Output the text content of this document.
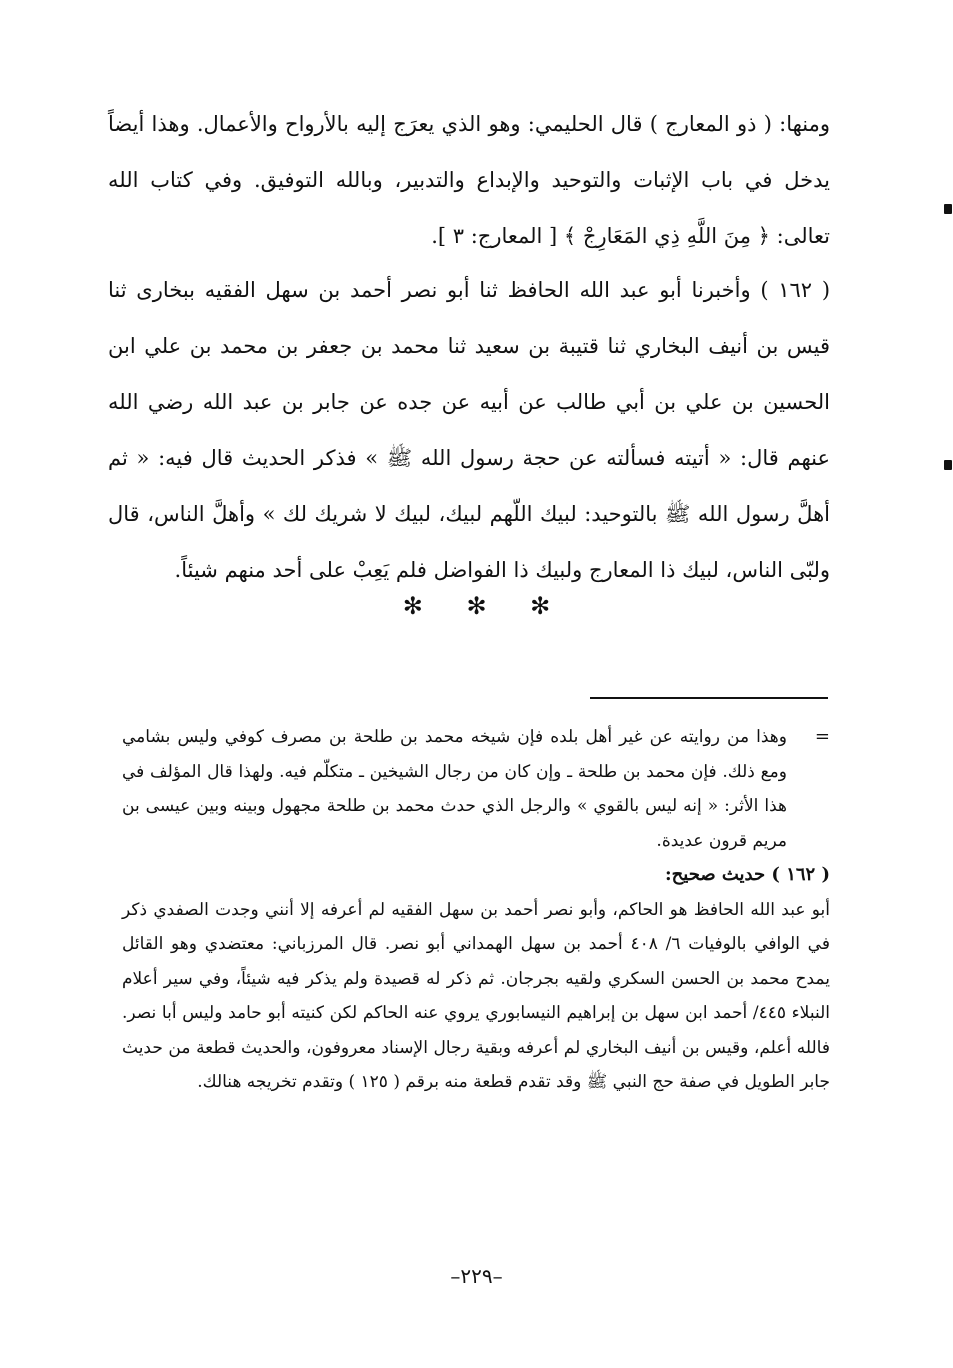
ومنها: ( ذو المعارج ) قال الحليمي: وهو الذي يعرَج إليه بالأرواح والأعمال. وهذا أيضاً يدخل في باب الإثبات والتوحيد والإبداع والتدبير، وبالله التوفيق. وفي كتاب الله تعالى: ﴿ مِنَ اللَّهِ ذِي المَعَارِجْ ﴾ [ المعارج: ٣ ].

( ١٦٢ ) وأخبرنا أبو عبد الله الحافظ ثنا أبو نصر أحمد بن سهل الفقيه ببخارى ثنا قيس بن أنيف البخاري ثنا قتيبة بن سعيد ثنا محمد بن جعفر بن محمد بن علي ابن الحسين بن علي بن أبي طالب عن أبيه عن جده عن جابر بن عبد الله رضي الله عنهم قال: « أتيته فسألته عن حجة رسول الله ﷺ » فذكر الحديث قال فيه: « ثم أهلَّ رسول الله ﷺ بالتوحيد: لبيك اللّهم لبيك، لبيك لا شريك لك » وأهلَّ الناس، قال ولبّى الناس، لبيك ذا المعارج ولبيك ذا الفواضل فلم يَعِبْ على أحد منهم شيئاً.

✻ ✻ ✻

=
وهذا من روايته عن غير أهل بلده فإن شيخه محمد بن طلحة بن مصرف كوفي وليس بشامي ومع ذلك. فإن محمد بن طلحة ـ وإن كان من رجال الشيخين ـ متكلّم فيه. ولهذا قال المؤلف في هذا الأثر: « إنه ليس بالقوي » والرجل الذي حدث محمد بن طلحة مجهول وبينه وبين عيسى بن مريم قرون عديدة.

( ١٦٢ ) حديث صحيح:

أبو عبد الله الحافظ هو الحاكم، وأبو نصر أحمد بن سهل الفقيه لم أعرفه إلا أنني وجدت الصفدي ذكر في الوافي بالوفيات ٦/ ٤٠٨ أحمد بن سهل الهمداني أبو نصر. قال المرزباني: معتضدي وهو القائل يمدح محمد بن الحسن السكري ولقيه بجرجان. ثم ذكر له قصيدة ولم يذكر فيه شيئاً، وفي سير أعلام النبلاء ٤٤٥/ أحمد ابن سهل بن إبراهيم النيسابوري يروي عنه الحاكم لكن كنيته أبو حامد وليس أبا نصر. فالله أعلم، وقيس بن أنيف البخاري لم أعرفه وبقية رجال الإسناد معروفون، والحديث قطعة من حديث جابر الطويل في صفة حج النبي ﷺ وقد تقدم قطعة منه برقم ( ١٢٥ ) وتقدم تخريجه هنالك.

–٢٢٩–
